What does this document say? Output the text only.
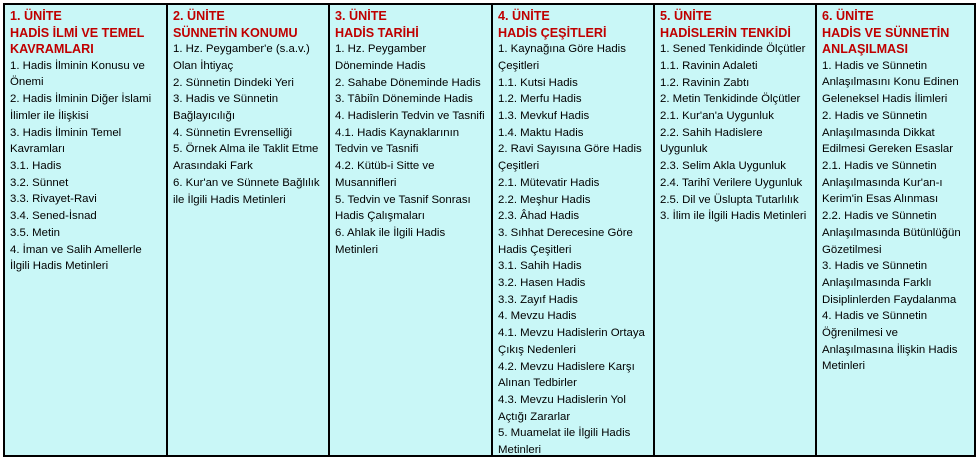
1. ÜNİTE
HADİS İLMİ VE TEMEL KAVRAMLARI
1. Hadis İlminin Konusu ve Önemi
2. Hadis İlminin Diğer İslami İlimler ile İlişkisi
3. Hadis İlminin Temel Kavramları
3.1. Hadis
3.2. Sünnet
3.3. Rivayet-Ravi
3.4. Sened-İsnad
3.5. Metin
4. İman ve Salih Amellerle İlgili Hadis Metinleri
2. ÜNİTE
SÜNNETİN KONUMU
1. Hz. Peygamber'e (s.a.v.) Olan İhtiyaç
2. Sünnetin Dindeki Yeri
3. Hadis ve Sünnetin Bağlayıcılığı
4. Sünnetin Evrenselliği
5. Örnek Alma ile Taklit Etme Arasındaki Fark
6. Kur'an ve Sünnete Bağlılık ile İlgili Hadis Metinleri
3. ÜNİTE
HADİS TARİHİ
1. Hz. Peygamber Döneminde Hadis
2. Sahabe Döneminde Hadis
3. Tâbiîn Döneminde Hadis
4. Hadislerin Tedvin ve Tasnifi
4.1. Hadis Kaynaklarının Tedvin ve Tasnifi
4.2. Kütüb-i Sitte ve Musannifleri
5. Tedvin ve Tasnif Sonrası Hadis Çalışmaları
6. Ahlak ile İlgili Hadis Metinleri
4. ÜNİTE
HADİS ÇEŞİTLERİ
1. Kaynağına Göre Hadis Çeşitleri
1.1. Kutsi Hadis
1.2. Merfu Hadis
1.3. Mevkuf Hadis
1.4. Maktu Hadis
2. Ravi Sayısına Göre Hadis Çeşitleri
2.1. Mütevatir Hadis
2.2. Meşhur Hadis
2.3. Âhad Hadis
3. Sıhhat Derecesine Göre Hadis Çeşitleri
3.1. Sahih Hadis
3.2. Hasen Hadis
3.3. Zayıf Hadis
4. Mevzu Hadis
4.1. Mevzu Hadislerin Ortaya Çıkış Nedenleri
4.2. Mevzu Hadislere Karşı Alınan Tedbirler
4.3. Mevzu Hadislerin Yol Açtığı Zararlar
5. Muamelat ile İlgili Hadis Metinleri
5. ÜNİTE
HADİSLERİN TENKİDİ
1. Sened Tenkidinde Ölçütler
1.1. Ravinin Adaleti
1.2. Ravinin Zabtı
2. Metin Tenkidinde Ölçütler
2.1. Kur'an'a Uygunluk
2.2. Sahih Hadislere Uygunluk
2.3. Selim Akla Uygunluk
2.4. Tarihî Verilere Uygunluk
2.5. Dil ve Üslupta Tutarlılık
3. İlim ile İlgili Hadis Metinleri
6. ÜNİTE
HADİS VE SÜNNETİN ANLAŞILMASI
1. Hadis ve Sünnetin Anlaşılmasını Konu Edinen Geleneksel Hadis İlimleri
2. Hadis ve Sünnetin Anlaşılmasında Dikkat Edilmesi Gereken Esaslar
2.1. Hadis ve Sünnetin Anlaşılmasında Kur'an-ı Kerim'in Esas Alınması
2.2. Hadis ve Sünnetin Anlaşılmasında Bütünlüğün Gözetilmesi
3. Hadis ve Sünnetin Anlaşılmasında Farklı Disiplinlerden Faydalanma
4. Hadis ve Sünnetin Öğrenilmesi ve Anlaşılmasına İlişkin Hadis Metinleri
